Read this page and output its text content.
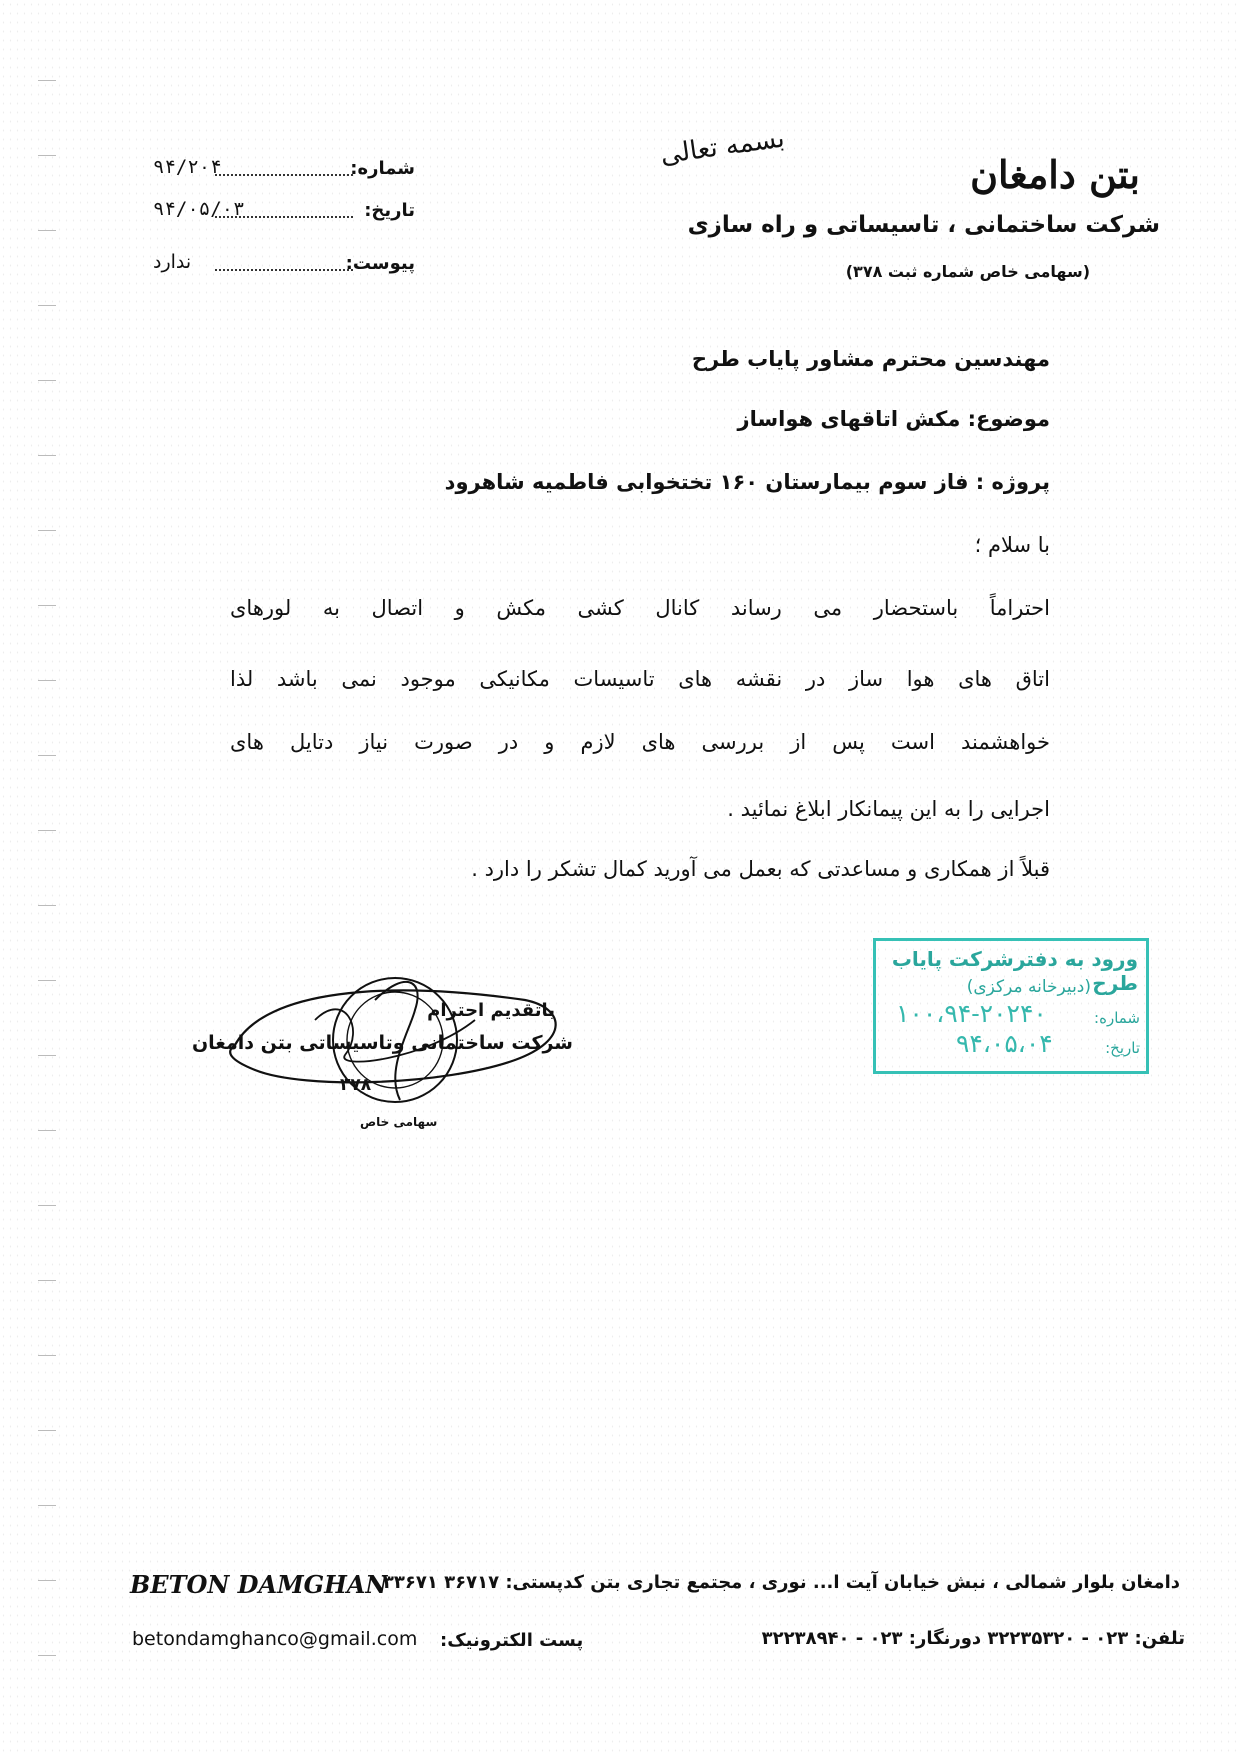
بسمه تعالی
بتن دامغان
شرکت ساختمانی ، تاسیساتی و راه سازی
(سهامی خاص شماره ثبت ۳۷۸)
شماره:
۹۴/۲۰۴
تاریخ:
۹۴/۰۵/۰۳
پیوست:
ندارد
مهندسین محترم مشاور پایاب طرح
موضوع: مکش اتاقهای هواساز
پروژه : فاز سوم بیمارستان ۱۶۰ تختخوابی فاطمیه شاهرود
با سلام ؛
احتراماً باستحضار می رساند کانال کشی مکش و اتصال به لورهای
اتاق های هوا ساز در نقشه های تاسیسات مکانیکی موجود نمی باشد لذا
خواهشمند است پس از بررسی های لازم و در صورت نیاز دتایل های
اجرایی را به این پیمانکار ابلاغ نمائید .
قبلاً از همکاری و مساعدتی که بعمل می آورید کمال تشکر را دارد .
ورود به دفترشرکت پایاب طرح
(دبیرخانه مرکزی)
شماره:
تاریخ:
۱۰۰،۹۴-۲۰۲۴۰
۹۴،۰۵،۰۴
باتقدیم احترام
شرکت ساختمانی وتاسیساتی بتن دامغان
۳۷۸
سهامی خاص
BETON DAMGHAN
دامغان بلوار شمالی ، نبش خیابان آیت ا... نوری ، مجتمع تجاری بتن کدپستی: ۳۶۷۱۷ ۳۳۶۷۱
تلفن: ۰۲۳ - ۳۲۲۳۵۳۲۰ دورنگار: ۰۲۳ - ۳۲۲۳۸۹۴۰
betondamghanco@gmail.com پست الکترونیک:
